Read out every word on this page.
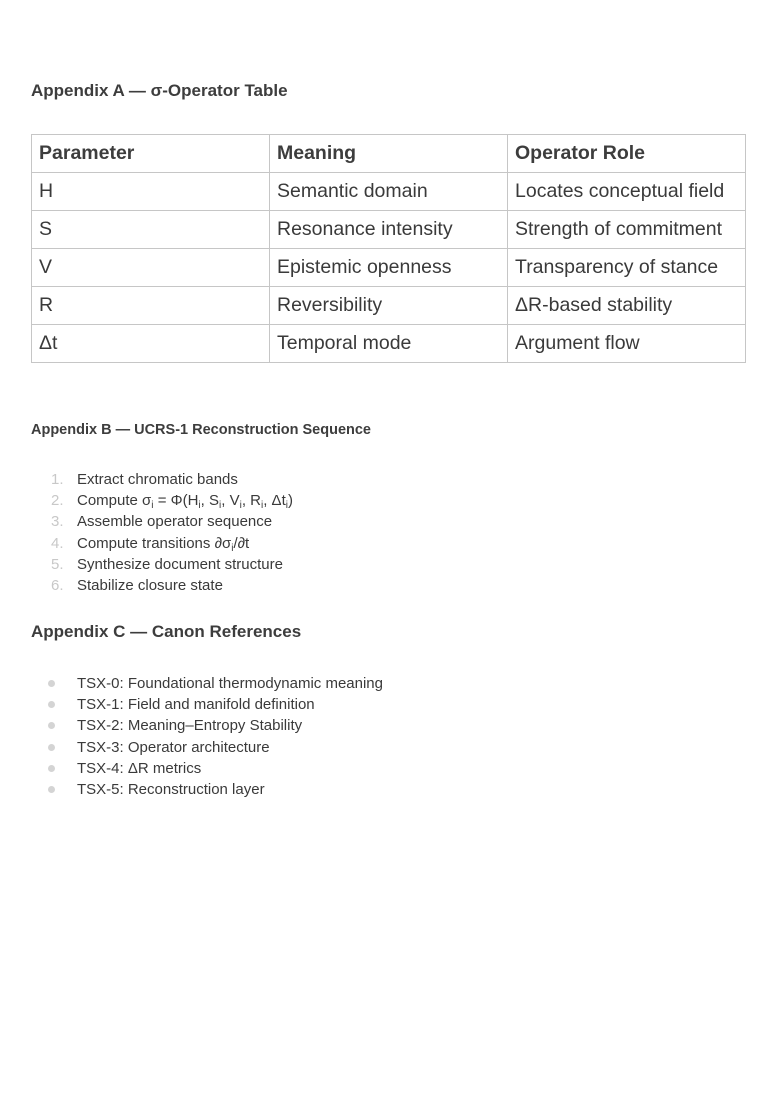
Appendix A — σ-Operator Table
Parameter	Meaning	Operator Role
H	Semantic domain	Locates conceptual field
S	Resonance intensity	Strength of commitment
V	Epistemic openness	Transparency of stance
R	Reversibility	ΔR-based stability
Δt	Temporal mode	Argument flow
Appendix B — UCRS-1 Reconstruction Sequence
1. Extract chromatic bands
2. Compute $\sigma_i = \Phi(H_i$, $S_i$, $V_i$, $R_i$, $\Delta t_i$)
3. Assemble operator sequence
4. Compute transitions $\partial\sigma_i/\partial t$
5. Synthesize document structure
6. Stabilize closure state
Appendix C — Canon References
TSX-0: Foundational thermodynamic meaning
TSX-1: Field and manifold definition
TSX-2: Meaning–Entropy Stability
TSX-3: Operator architecture
TSX-4: ΔR metrics
TSX-5: Reconstruction layer
